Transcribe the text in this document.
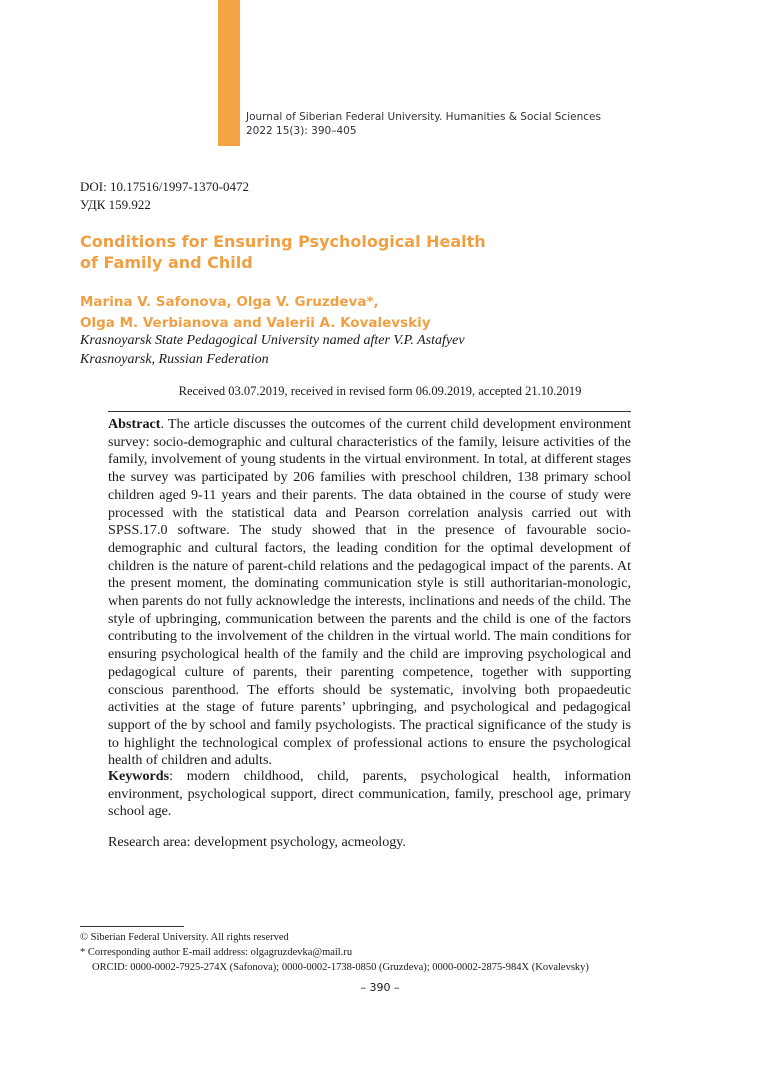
Journal of Siberian Federal University. Humanities & Social Sciences
2022 15(3): 390–405
DOI: 10.17516/1997-1370-0472
УДК 159.922
Conditions for Ensuring Psychological Health
of Family and Child
Marina V. Safonova, Olga V. Gruzdeva*,
Olga M. Verbianova and Valerii A. Kovalevskiy
Krasnoyarsk State Pedagogical University named after V.P. Astafyev
Krasnoyarsk, Russian Federation
Received 03.07.2019, received in revised form 06.09.2019, accepted 21.10.2019

Abstract. The article discusses the outcomes of the current child development environment survey: socio-demographic and cultural characteristics of the family, leisure activities of the family, involvement of young students in the virtual environment. In total, at different stages the survey was participated by 206 families with preschool children, 138 primary school children aged 9-11 years and their parents. The data obtained in the course of study were processed with the statistical data and Pearson correlation analysis carried out with SPSS.17.0 software. The study showed that in the presence of favourable socio-demographic and cultural factors, the leading condition for the optimal development of children is the nature of parent-child relations and the pedagogical impact of the parents. At the present moment, the dominating communication style is still authoritarian-monologic, when parents do not fully acknowledge the interests, inclinations and needs of the child. The style of upbringing, communication between the parents and the child is one of the factors contributing to the involvement of the children in the virtual world. The main conditions for ensuring psychological health of the family and the child are improving psychological and pedagogical culture of parents, their parenting competence, together with supporting conscious parenthood. The efforts should be systematic, involving both propaedeutic activities at the stage of future parents’ upbringing, and psychological and pedagogical support of the by school and family psychologists. The practical significance of the study is to highlight the technological complex of professional actions to ensure the psychological health of children and adults.

Keywords: modern childhood, child, parents, psychological health, information environment, psychological support, direct communication, family, preschool age, primary school age.

Research area: development psychology, acmeology.
© Siberian Federal University. All rights reserved
* Corresponding author E-mail address: olgagruzdevka@mail.ru
ORCID: 0000-0002-7925-274X (Safonova); 0000-0002-1738-0850 (Gruzdeva); 0000-0002-2875-984X (Kovalevsky)
– 390 –
